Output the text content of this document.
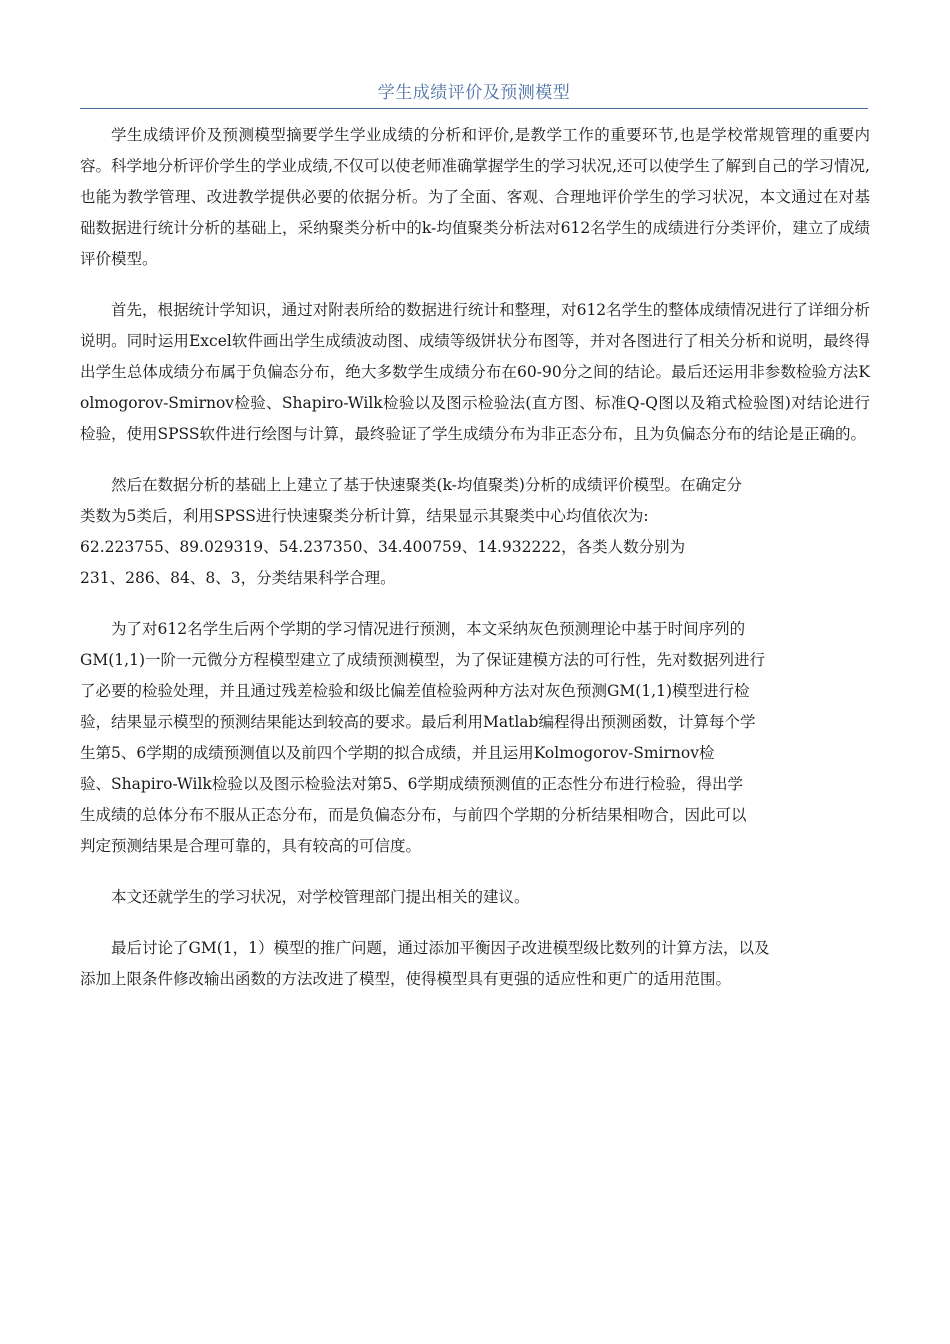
学生成绩评价及预测模型

学生成绩评价及预测模型摘要学生学业成绩的分析和评价,是教学工作的重要环节,也是学校常规管理的重要内容。科学地分析评价学生的学业成绩,不仅可以使老师准确掌握学生的学习状况,还可以使学生了解到自己的学习情况,也能为教学管理、改进教学提供必要的依据分析。为了全面、客观、合理地评价学生的学习状况，本文通过在对基础数据进行统计分析的基础上，采纳聚类分析中的k-均值聚类分析法对612名学生的成绩进行分类评价，建立了成绩评价模型。

首先，根据统计学知识，通过对附表所给的数据进行统计和整理，对612名学生的整体成绩情况进行了详细分析说明。同时运用Excel软件画出学生成绩波动图、成绩等级饼状分布图等，并对各图进行了相关分析和说明，最终得出学生总体成绩分布属于负偏态分布，绝大多数学生成绩分布在60-90分之间的结论。最后还运用非参数检验方法Kolmogorov-Smirnov检验、Shapiro-Wilk检验以及图示检验法(直方图、标准Q-Q图以及箱式检验图)对结论进行检验，使用SPSS软件进行绘图与计算，最终验证了学生成绩分布为非正态分布，且为负偏态分布的结论是正确的。

然后在数据分析的基础上上建立了基于快速聚类(k-均值聚类)分析的成绩评价模型。在确定分
类数为5类后，利用SPSS进行快速聚类分析计算，结果显示其聚类中心均值依次为:
62.223755、89.029319、54.237350、34.400759、14.932222，各类人数分别为
231、286、84、8、3，分类结果科学合理。

为了对612名学生后两个学期的学习情况进行预测，本文采纳灰色预测理论中基于时间序列的
GM(1,1)一阶一元微分方程模型建立了成绩预测模型，为了保证建模方法的可行性，先对数据列进行
了必要的检验处理，并且通过残差检验和级比偏差值检验两种方法对灰色预测GM(1,1)模型进行检
验，结果显示模型的预测结果能达到较高的要求。最后利用Matlab编程得出预测函数，计算每个学
生第5、6学期的成绩预测值以及前四个学期的拟合成绩，并且运用Kolmogorov-Smirnov检
验、Shapiro-Wilk检验以及图示检验法对第5、6学期成绩预测值的正态性分布进行检验，得出学
生成绩的总体分布不服从正态分布，而是负偏态分布，与前四个学期的分析结果相吻合，因此可以
判定预测结果是合理可靠的，具有较高的可信度。

本文还就学生的学习状况，对学校管理部门提出相关的建议。

最后讨论了GM(1，1）模型的推广问题，通过添加平衡因子改进模型级比数列的计算方法，以及
添加上限条件修改输出函数的方法改进了模型，使得模型具有更强的适应性和更广的适用范围。
